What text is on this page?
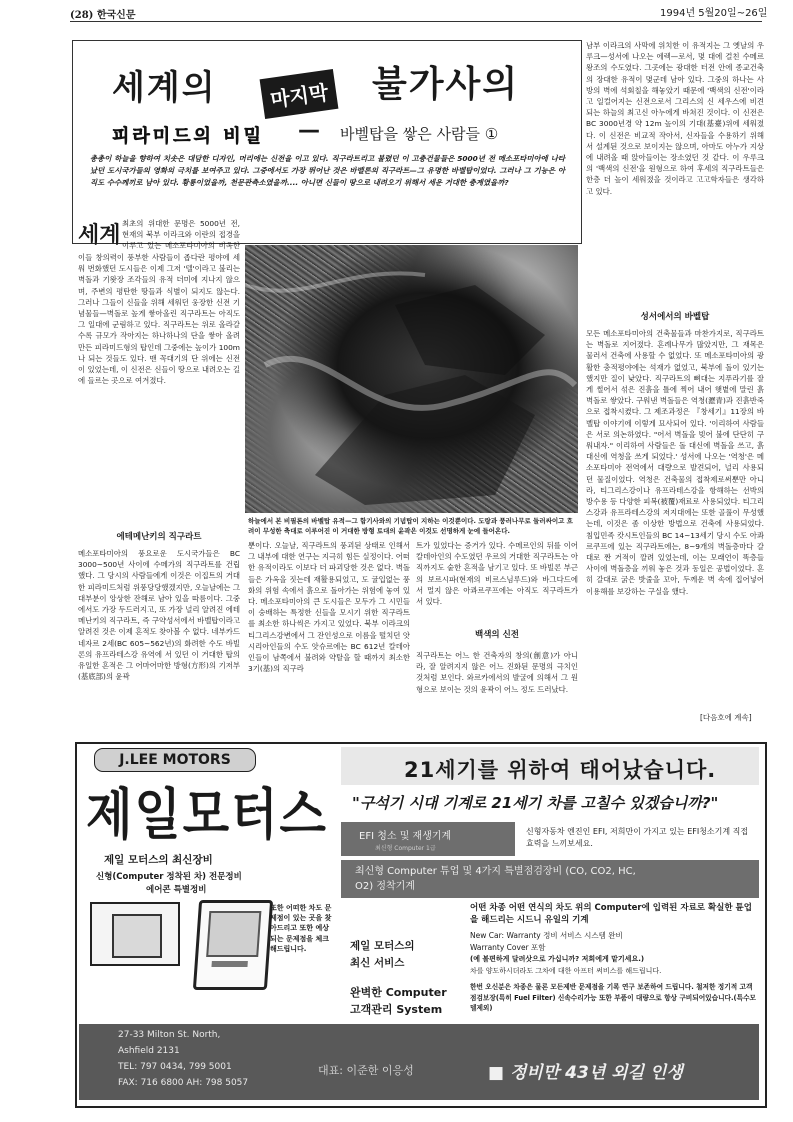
(28) 한국신문	1994년 5월20일~26일
세계의	마지막 불가사의
피라미드의 비밀 — 바벨탑을 쌓은 사람들 ①
총총이 하늘을 향하여 치솟은 대담한 디자인, 머리에는 신전을 이고 있다. 직구라트리고 불렸던 이 고층건물들은 5000년 전 메소포타미아에 나타났던 도시국가들의 영화의 극치를 보여주고 있다. 그중에서도 가장 뛰어난 것은 바벨론의 직구라트—그 유명한 바벨탑이었다. 그러나 그 기능은 아직도 수수께끼로 남아 있다. 황룡이었을까, 천문관측소였을까.... 아니면 신들이 땅으로 내려오기 위해서 세운 거대한 층계였을까?
세계 최초의 위대한 문명은 5000년 전, 현재의 북부 이라크와 이란의 접경을 이루고 있는 메소포타미아의 비옥한
이들 창의력이 풍부한 사람들이 좁다란 평야에 세워 번화했던 도시들은 이제 그저 '텔'이라고 불리는 벽돌과 기왓장 조각들의 유적 더미에 지나지 않으며, 주변의 평탄한 땅들과 식별이 되지도 않는다. 그러나 그들이 신들을 위해 세워던 웅장한 신전 기념물들—벽돌로 높게 쌓아올린 직구라트는 아직도 그 일대에 군림하고 있다. 직구라트는 위로 올라갈수록 규모가 작아지는 하나하나의 단을 쌓아 올려 만든 피라미드형의 탑인데 그중에는 높이가 100m나 되는 것들도 있다. 맨 꼭대기의 단 위에는 신전이 있었는데, 이 신전은 신들이 땅으로 내려오는 길에 들르는 곳으로 여겨졌다.
에테메난키의 직구라트
메소포타미아의 풍요로운 도시국가들은 BC 3000~500년 사이에 수메가의 직구라트를 건립했다. 그 당시의 사람들에게 이것은 이집트의 거대한 피라미드처럼 위풍당당했겠지만, 오늘날에는 그 대부분이 앙상한 잔해로 남아 있을 따름이다. 그중에서도 가장 두드러지고, 또 가장 널리 알려진 에테메난키의 직구라트, 즉 구약성서에서 바벨탑이라고 알려진 것은 이제 흔적도 찾아볼 수 없다. 네부카드네자르 2세(BC 605~562년)의 화려한 수도 바빌론의 유프라테스강 유역에 서 있던 이 거대한 탑의 유일한 흔적은 그 어마어마한 방형(方形)의 기저부(基底部)의 윤곽
하늘에서 본 비필론의 바벨탑 유적—그 함기사와의 기념탑이 지하는 이것뿐이다. 도랑과 풍러나무로 둘러싸이고 흐려이 무성한 축대로 이루어진 이 거대한 방형 토대의 윤곽은 이것도 선명하게 눈에 들어온다.
뿐이다. 오늘날, 직구라트의 풍괴된 상태로 인해서 그 내부에 대한 연구는 지극히 힘든 실정이다. 어떠한 유적이라도 이보다 더 파괴당한 것은 없다. 벽돌들은 가옥을 짓는데 재활용되었고, 도 귤입없는 풍화의 위험 속에서 흙으로 돌아가는 위험에 놓여 있다. 메소포타미아의 큰 도시들은 모두가 그 시민들이 숭배하는 특정한 신들을 모시기 위한 직구라트를 최소한 하나씩은 가지고 있었다. 북부 이라크의 티그리스강변에서 그 잔인성으로 이름을 떨치던 앗시리아인들의 수도 앗슈르에는 BC 612년 칼데아인들이 남쪽에서 불려와 약탈을 할 때까지 최소한 3기(基)의 직구라
트가 있었다는 증거가 있다. 수메르인의 뒤를 이어 칼데아인의 수도였던 우르의 거대한 직구라트는 아직까지도 숱한 흔적을 남기고 있다. 또 바빌론 부근의 보르시파(현재의 비르스님루드)와 바그다드에서 멀지 않은 아콰르쿠프에는 아직도 직구라트가 서 있다.
백색의 신전
직구라트는 어느 한 건축자의 창의(創意)가 아니라, 잘 알려지지 않은 어느 진화된 문명의 극치인 것처럼 보인다. 와르카에서의 발굴에 의해서 그 원형으로 보이는 것의 윤곽이 어느 정도 드러났다.
남부 이라크의 사막에 위치한 이 유적지는 그 옛날의 우루크—성서에 나오는 에렉—로서, 몇 대에 걸친 수메르왕조의 수도였다. 그곳에는 광대한 터전 안에 종교건축의 장대한 유적이 몇군데 남아 있다. 그중의 하나는 사방의 벽에 석회칠을 해놓았기 때문에 '백색의 신전'이라고 일컬어지는 신전으로서 그리스의 신 세우스에 비견되는 하늘의 최고신 아누에게 바쳐진 것이다. 이 신전은 BC 3000년경 약 12m 높이의 기대(基臺)위에 세워졌다. 이 신전은 비교적 작아서, 신자들을 수용하기 위해서 설계된 것으로 보이지는 않으며, 아마도 아누가 지상에 내려올 때 앉아들이는 장소였던 것 같다. 이 우루크의 '백색의 신전'을 원형으로 하여 후세의 직구라트들은 한층 더 높이 세워졌을 것이라고 고고학자들은 생각하고 있다.
성서에서의 바벨탑
모든 메소포타미아의 건축물들과 마찬가지로, 직구라트는 벽돌로 지어졌다. 흔례나무가 많았지만, 그 재목은 물러서 건축에 사용할 수 없었다. 또 메소포타미아의 광활한 충적평야에는 석재가 없었고, 북부에 돌이 있기는 했지만 질이 낮았다. 직구라트의 뼈대는 지푸라기를 잘게 썰어서 섞은 진흙을 틀에 찍어 내어 햇볕에 말린 흙벽돌로 쌓았다. 구워낸 벽돌들은 역청(瀝青)과 진흙반죽으로 접착시켰다. 그 제조과정은 『창세기』11장의 바벨탑 이야기에 이렇게 묘사되어 있다. '이리하여 사람들은 서로 의논하였다. "어서 벽돌을 빚어 불에 단단히 구워내자." 이리하여 사람들은 돌 대신에 벽돌을 쓰고, 흙 대신에 역청을 쓰게 되었다.' 성서에 나오는 '역청'은 메소포타미아 전역에서 대량으로 발견되어, 널리 사용되던 물질이었다. 역청은 건축물의 접착제로써뿐만 아니라, 티그리스강이나 유프라테스강을 항해하는 선박의 방수용 등 다양한 피복(被覆)재료로 사용되었다. 티그리스강과 유프라테스강의 저지대에는 또한 골풀이 무성했는데, 이것은 좀 이상한 방법으로 건축에 사용되었다. 침입민족 캇시트인들의 BC 14~13세기 당시 수도 아콰르쿠프에 있는 직구라트에는, 8~9개의 벽돌층마다 갈대로 짠 거적이 깔려 있었는데, 이는 모래언이 똑층들 사이에 벽돌층을 끼워 놓은 것과 동일은 공법이었다. 흔히 갈대로 굵은 밧줄을 꼬아, 두께운 벽 속에 집어넣어 이용해를 보강하는 구실을 했다.
[다음호에 계속]
J.LEE MOTORS
제일모터스
21세기를 위하여 태어났습니다.
"구석기 시대 기계로 21세기 차를 고칠수 있겠습니까?"
EFI 청소 및 재생기계
최신형 Computer 1급
신형자동차 엔진인 EFI, 저희만이 가지고 있는 EFI청소기계 직접 효력을 느끼보세요.
최신형 Computer 튜업 및 4가지 특별점검장비 (CO, CO2, HC, O2) 정착기계
제일 모터스의 최신장비
신형(Computer 정착된 차) 전문정비
에어콘 특별정비
또한 어떠한 차도 문제점이 있는 곳을 찾아드리고 또한 예상되는 문제점을 체크해드립니다.
어떤 차종 어떤 연식의 차도 위의 Computer에 입력된 자료로 확실한 튠업을 해드리는 시드니 유일의 기계
제일 모터스의
최신 서비스
New Car: Warranty 정비 서비스 시스템 완비
Warranty Cover 포함
(예 볼편하게 달려삿으로 가십니까? 저희에게 맡기세요.)
차를 양도하시더라도 그차에 대한 아프터 써비스를 해드립니다.
완벽한 Computer
고객관리 System
한번 오신분은 차종은 물론 모든제반 문제점을 기록 연구 보존하여 드립니다. 철저한 정기적 고객 점검보장(특히 Fuel Filter) 신속수리가능 또한 부품이 대량으로 항상 구비되어있습니다.(특수모델제외)
27-33 Milton St. North,
Ashfield 2131
TEL: 797 0434, 799 5001
FAX: 716 6800 AH: 798 5057
대표: 이준한 이응성	■ 정비만 43년 외길 인생
